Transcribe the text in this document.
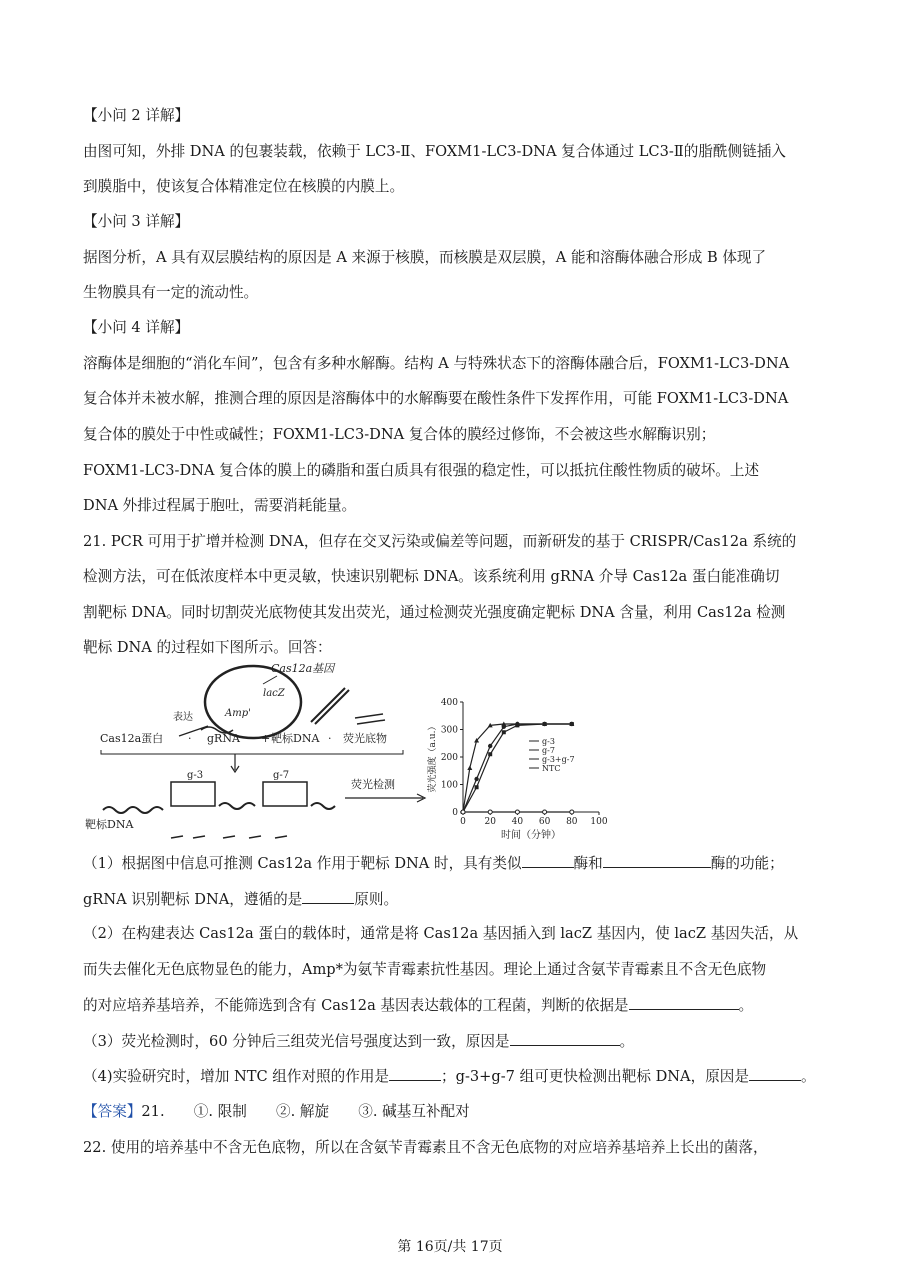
【小问 2 详解】
由图可知，外排 DNA 的包裹装载，依赖于 LC3-Ⅱ、FOXM1-LC3-DNA 复合体通过 LC3-Ⅱ的脂酰侧链插入
到膜脂中，使该复合体精准定位在核膜的内膜上。
【小问 3 详解】
据图分析，A 具有双层膜结构的原因是 A 来源于核膜，而核膜是双层膜，A 能和溶酶体融合形成 B 体现了
生物膜具有一定的流动性。
【小问 4 详解】
溶酶体是细胞的“消化车间”，包含有多种水解酶。结构 A 与特殊状态下的溶酶体融合后，FOXM1-LC3-DNA
复合体并未被水解，推测合理的原因是溶酶体中的水解酶要在酸性条件下发挥作用，可能 FOXM1-LC3-DNA
复合体的膜处于中性或碱性；FOXM1-LC3-DNA 复合体的膜经过修饰，不会被这些水解酶识别；
FOXM1-LC3-DNA 复合体的膜上的磷脂和蛋白质具有很强的稳定性，可以抵抗住酸性物质的破坏。上述
DNA 外排过程属于胞吐，需要消耗能量。
21. PCR 可用于扩增并检测 DNA，但存在交叉污染或偏差等问题，而新研发的基于 CRISPR/Cas12a 系统的
检测方法，可在低浓度样本中更灵敏，快速识别靶标 DNA。该系统利用 gRNA 介导 Cas12a 蛋白能准确切
割靶标 DNA。同时切割荧光底物使其发出荧光，通过检测荧光强度确定靶标 DNA 含量，利用 Cas12a 检测
靶标 DNA 的过程如下图所示。回答：
Cas12a基因
lacZ
Amp'
表达
Cas12a蛋白 · gRNA + 靶标DNA · 荧光底物
g-3	g-7
靶标DNA
荧光检测
0 20 40 60 80 100
0
100
200
300
400
时间（分钟）
荧光强度（a.u.）	g-3
g-7
g-3+g-7
NTC
（1）根据图中信息可推测 Cas12a 作用于靶标 DNA 时，具有类似	酶和	酶的功能；
gRNA 识别靶标 DNA，遵循的是	原则。
（2）在构建表达 Cas12a 蛋白的载体时，通常是将 Cas12a 基因插入到 lacZ 基因内，使 lacZ 基因失活，从
而失去催化无色底物显色的能力，Amp*为氨苄青霉素抗性基因。理论上通过含氨苄青霉素且不含无色底物
的对应培养基培养，不能筛选到含有 Cas12a 基因表达载体的工程菌，判断的依据是	。
（3）荧光检测时，60 分钟后三组荧光信号强度达到一致，原因是	。
（4)实验研究时，增加 NTC 组作对照的作用是	；g-3+g-7 组可更快检测出靶标 DNA，原因是	。
【答案】21.　　①. 限制　　②. 解旋　　③. 碱基互补配对
22. 使用的培养基中不含无色底物，所以在含氨苄青霉素且不含无色底物的对应培养基培养上长出的菌落，
第 16页/共 17页
